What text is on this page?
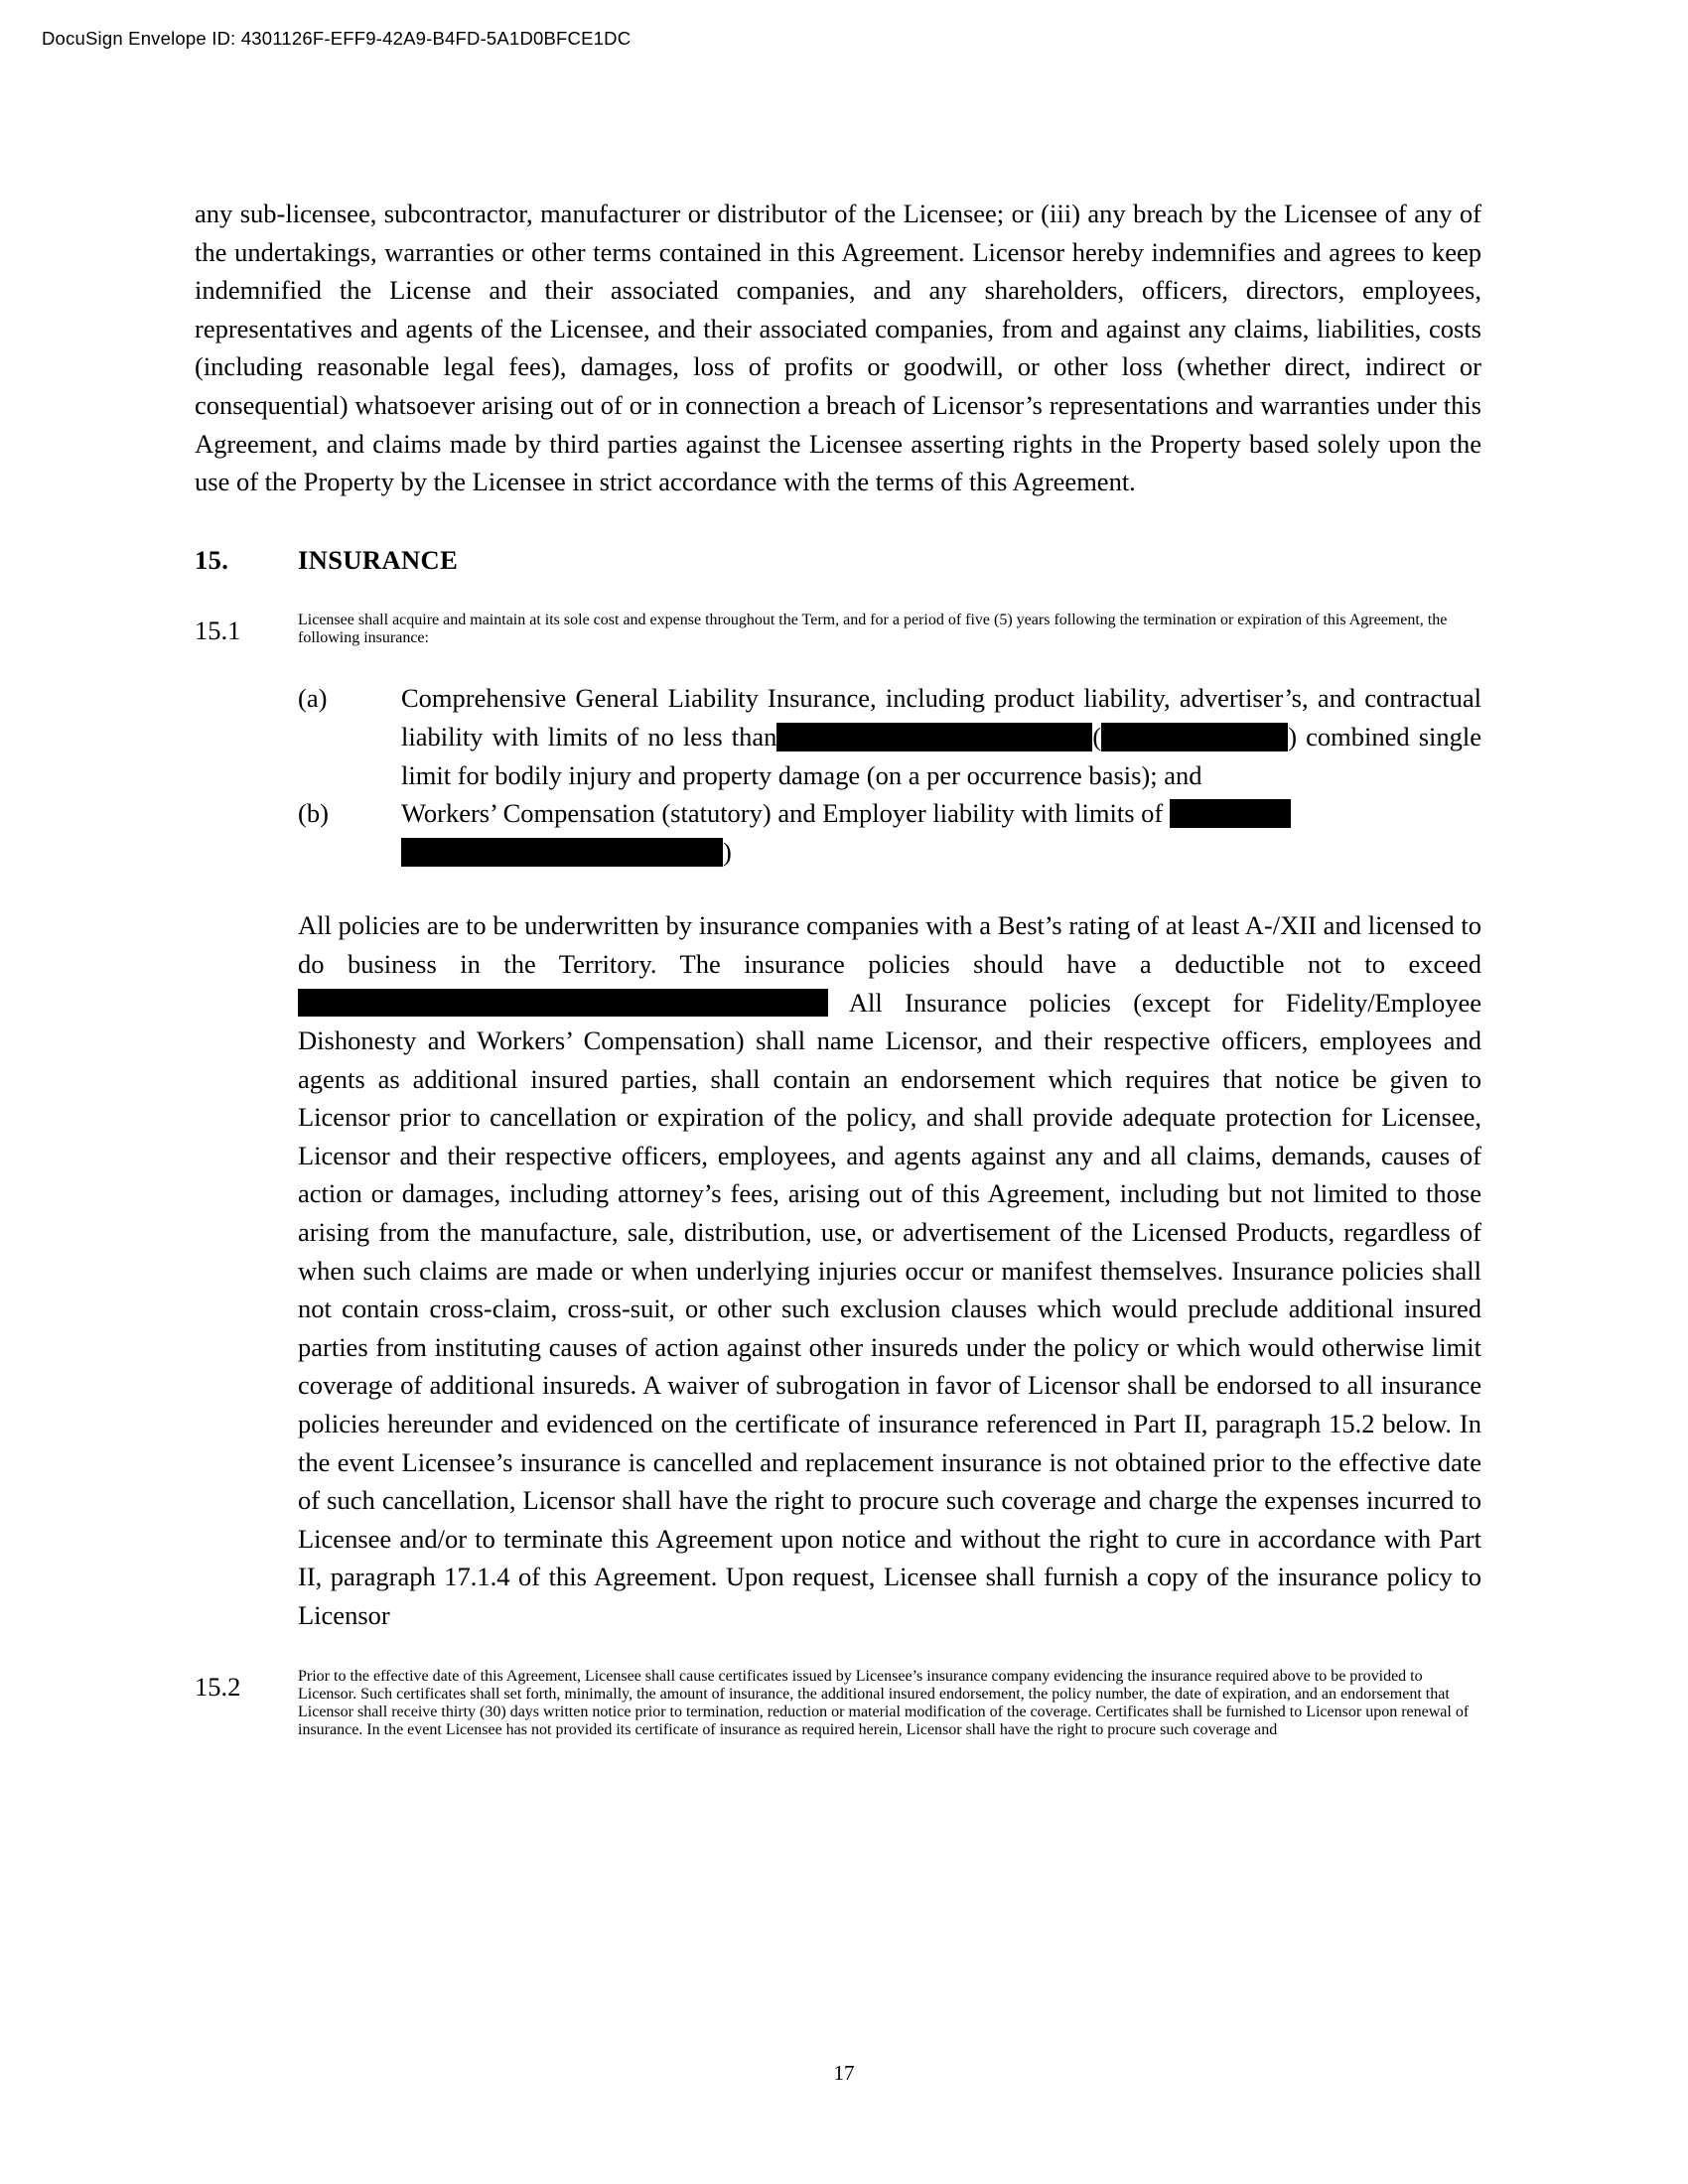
DocuSign Envelope ID: 4301126F-EFF9-42A9-B4FD-5A1D0BFCE1DC

any sub-licensee, subcontractor, manufacturer or distributor of the Licensee; or (iii) any breach by the Licensee of any of the undertakings, warranties or other terms contained in this Agreement. Licensor hereby indemnifies and agrees to keep indemnified the License and their associated companies, and any shareholders, officers, directors, employees, representatives and agents of the Licensee, and their associated companies, from and against any claims, liabilities, costs (including reasonable legal fees), damages, loss of profits or goodwill, or other loss (whether direct, indirect or consequential) whatsoever arising out of or in connection a breach of Licensor’s representations and warranties under this Agreement, and claims made by third parties against the Licensee asserting rights in the Property based solely upon the use of the Property by the Licensee in strict accordance with the terms of this Agreement.

15.	INSURANCE
15.1	Licensee shall acquire and maintain at its sole cost and expense throughout the Term, and for a period of five (5) years following the termination or expiration of this Agreement, the following insurance:

(a)	Comprehensive General Liability Insurance, including product liability, advertiser’s, and contractual liability with limits of no less than	(	) combined single limit for bodily injury and property damage (on a per occurrence basis); and

(b)	Workers’ Compensation (statutory) and Employer liability with limits of
)

All policies are to be underwritten by insurance companies with a Best’s rating of at least A-/XII and licensed to do business in the Territory. The insurance policies should have a deductible not to exceed  All Insurance policies (except for Fidelity/Employee Dishonesty and Workers’ Compensation) shall name Licensor, and their respective officers, employees and agents as additional insured parties, shall contain an endorsement which requires that notice be given to Licensor prior to cancellation or expiration of the policy, and shall provide adequate protection for Licensee, Licensor and their respective officers, employees, and agents against any and all claims, demands, causes of action or damages, including attorney’s fees, arising out of this Agreement, including but not limited to those arising from the manufacture, sale, distribution, use, or advertisement of the Licensed Products, regardless of when such claims are made or when underlying injuries occur or manifest themselves. Insurance policies shall not contain cross-claim, cross-suit, or other such exclusion clauses which would preclude additional insured parties from instituting causes of action against other insureds under the policy or which would otherwise limit coverage of additional insureds. A waiver of subrogation in favor of Licensor shall be endorsed to all insurance policies hereunder and evidenced on the certificate of insurance referenced in Part II, paragraph 15.2 below. In the event Licensee’s insurance is cancelled and replacement insurance is not obtained prior to the effective date of such cancellation, Licensor shall have the right to procure such coverage and charge the expenses incurred to Licensee and/or to terminate this Agreement upon notice and without the right to cure in accordance with Part II, paragraph 17.1.4 of this Agreement. Upon request, Licensee shall furnish a copy of the insurance policy to Licensor

15.2	Prior to the effective date of this Agreement, Licensee shall cause certificates issued by Licensee’s insurance company evidencing the insurance required above to be provided to Licensor. Such certificates shall set forth, minimally, the amount of insurance, the additional insured endorsement, the policy number, the date of expiration, and an endorsement that Licensor shall receive thirty (30) days written notice prior to termination, reduction or material modification of the coverage. Certificates shall be furnished to Licensor upon renewal of insurance. In the event Licensee has not provided its certificate of insurance as required herein, Licensor shall have the right to procure such coverage and
17
